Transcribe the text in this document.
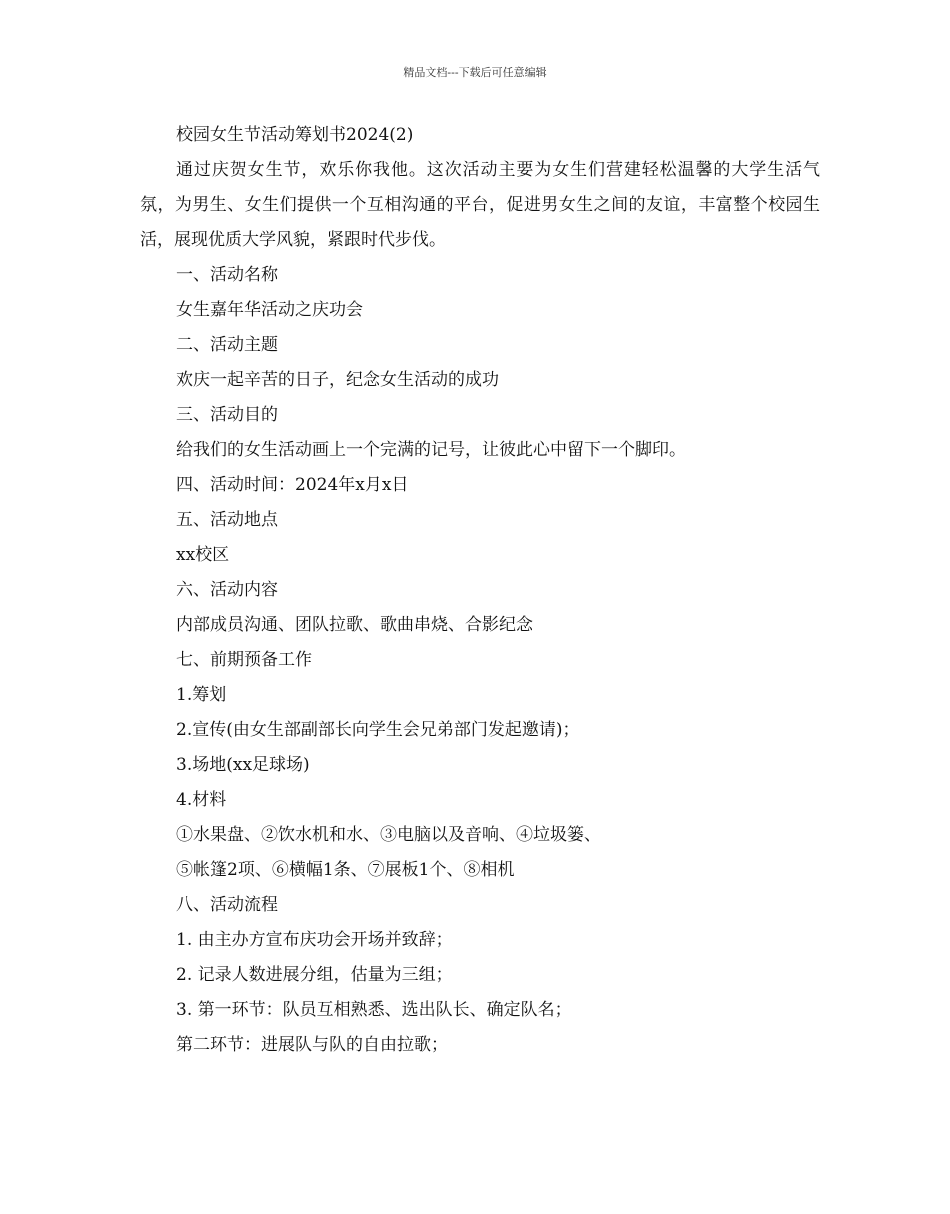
精品文档---下载后可任意编辑
校园女生节活动筹划书2024(2)

通过庆贺女生节，欢乐你我他。这次活动主要为女生们营建轻松温馨的大学生活气氛，为男生、女生们提供一个互相沟通的平台，促进男女生之间的友谊，丰富整个校园生活，展现优质大学风貌，紧跟时代步伐。

一、活动名称
女生嘉年华活动之庆功会
二、活动主题
欢庆一起辛苦的日子，纪念女生活动的成功
三、活动目的
给我们的女生活动画上一个完满的记号，让彼此心中留下一个脚印。
四、活动时间：2024年x月x日
五、活动地点
xx校区
六、活动内容
内部成员沟通、团队拉歌、歌曲串烧、合影纪念
七、前期预备工作
1.筹划
2.宣传(由女生部副部长向学生会兄弟部门发起邀请)；
3.场地(xx足球场)
4.材料
①水果盘、②饮水机和水、③电脑以及音响、④垃圾篓、
⑤帐篷2项、⑥横幅1条、⑦展板1个、⑧相机
八、活动流程
1. 由主办方宣布庆功会开场并致辞；
2. 记录人数进展分组，估量为三组；
3. 第一环节：队员互相熟悉、选出队长、确定队名；
第二环节：进展队与队的自由拉歌；
